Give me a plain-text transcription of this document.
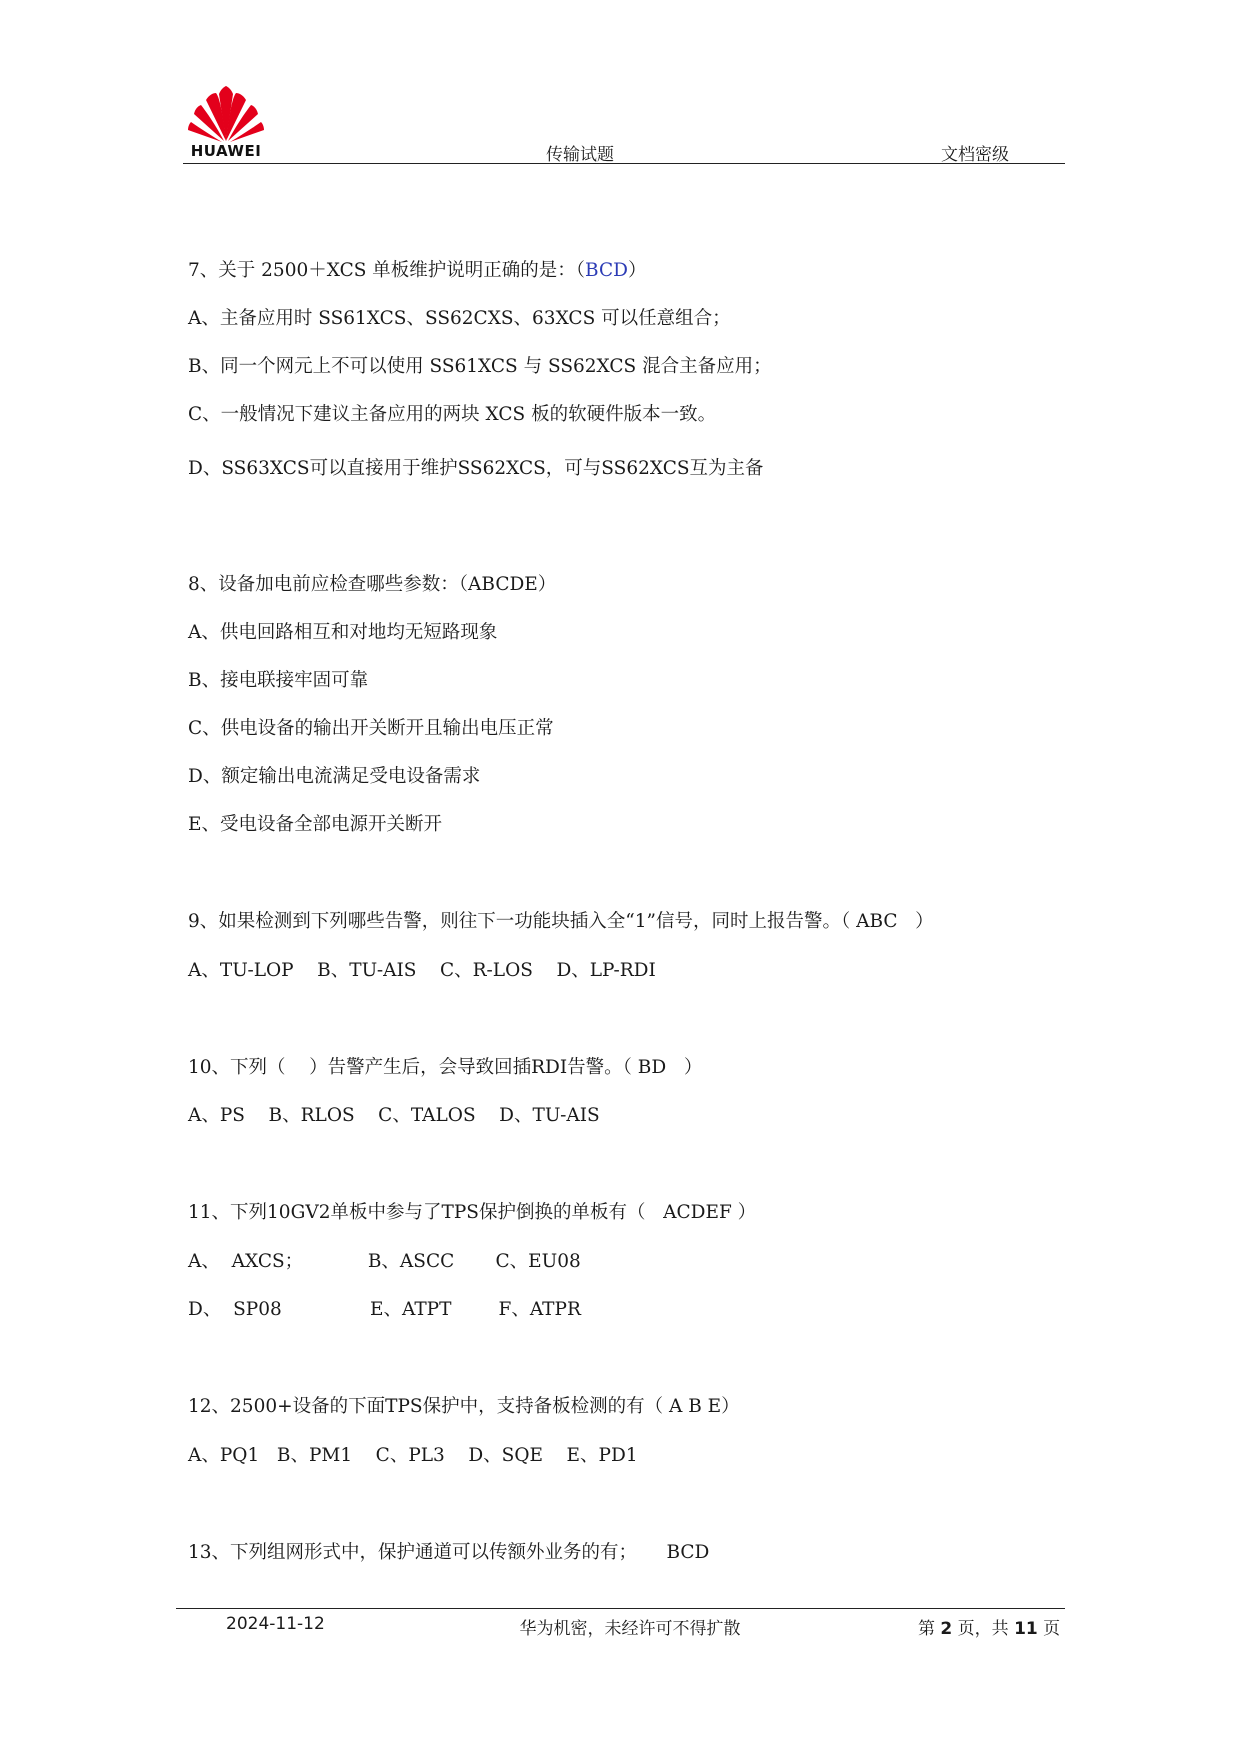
HUAWEI	传输试题	文档密级
7、关于 2500＋XCS 单板维护说明正确的是：（BCD）
A、主备应用时 SS61XCS、SS62CXS、63XCS 可以任意组合；
B、同一个网元上不可以使用 SS61XCS 与 SS62XCS 混合主备应用；
C、一般情况下建议主备应用的两块 XCS 板的软硬件版本一致。
D、SS63XCS可以直接用于维护SS62XCS，可与SS62XCS互为主备
8、设备加电前应检查哪些参数：（ABCDE）
A、供电回路相互和对地均无短路现象
B、接电联接牢固可靠
C、供电设备的输出开关断开且输出电压正常
D、额定输出电流满足受电设备需求
E、受电设备全部电源开关断开
9、如果检测到下列哪些告警，则往下一功能块插入全“1”信号，同时上报告警。（ ABC   ）
A、TU-LOP    B、TU-AIS    C、R-LOS    D、LP-RDI
10、下列（    ）告警产生后，会导致回插RDI告警。（ BD   ）
A、PS    B、RLOS    C、TALOS    D、TU-AIS
11、下列10GV2单板中参与了TPS保护倒换的单板有（   ACDEF ）
A、  AXCS；           B、ASCC       C、EU08
D、  SP08               E、ATPT        F、ATPR
12、2500+设备的下面TPS保护中，支持备板检测的有（ A B E）
A、PQ1   B、PM1    C、PL3    D、SQE    E、PD1
13、下列组网形式中，保护通道可以传额外业务的有；     BCD
2024-11-12	华为机密，未经许可不得扩散	第 2 页，共 11 页
